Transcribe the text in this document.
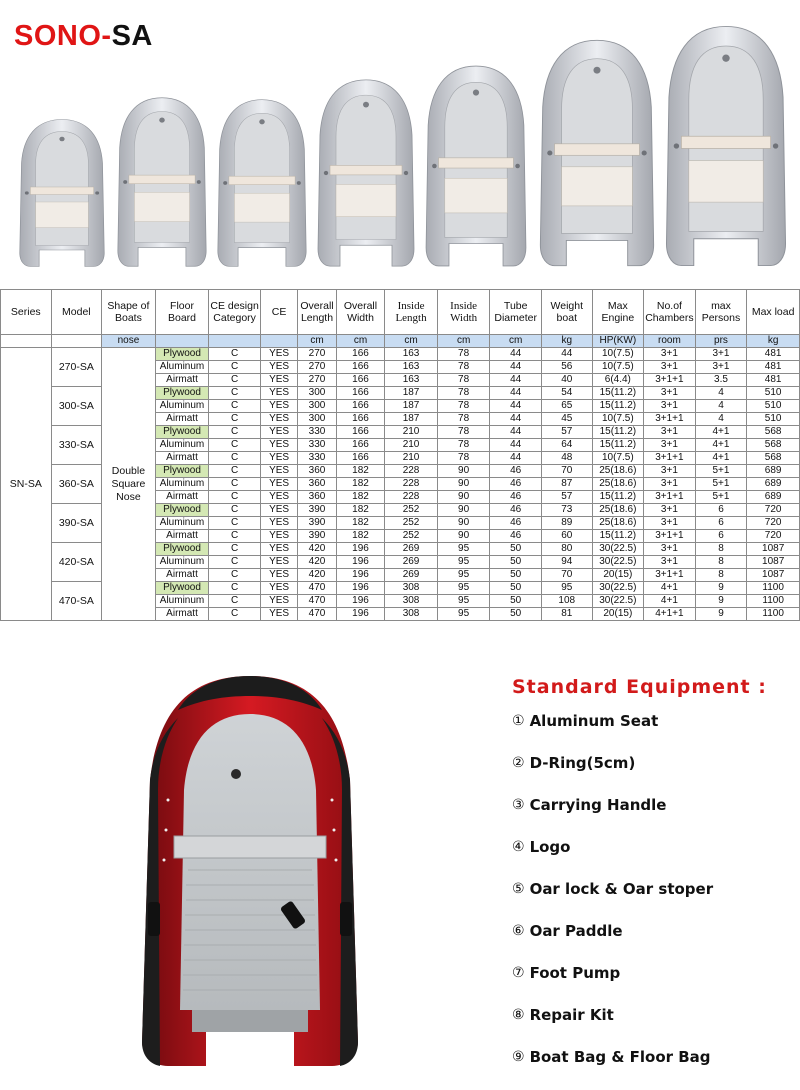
SONO-SA
Series	Model	Shape of Boats	Floor Board	CE design Category	CE	Overall Length	Overall Width	Inside Length	Inside Width	Tube Diameter	Weight boat	Max Engine	No.of Chambers	max Persons	Max load
		nose				cm	cm	cm	cm	cm	kg	HP(KW)	room	prs	kg
SN-SA	270-SA	Double Square Nose	Plywood	C	YES	270	166	163	78	44	44	10(7.5)	3+1	3+1	481
			Aluminum	C	YES	270	166	163	78	44	56	10(7.5)	3+1	3+1	481
			Airmatt	C	YES	270	166	163	78	44	40	6(4.4)	3+1+1	3.5	481
	300-SA		Plywood	C	YES	300	166	187	78	44	54	15(11.2)	3+1	4	510
			Aluminum	C	YES	300	166	187	78	44	65	15(11.2)	3+1	4	510
			Airmatt	C	YES	300	166	187	78	44	45	10(7.5)	3+1+1	4	510
	330-SA		Plywood	C	YES	330	166	210	78	44	57	15(11.2)	3+1	4+1	568
			Aluminum	C	YES	330	166	210	78	44	64	15(11.2)	3+1	4+1	568
			Airmatt	C	YES	330	166	210	78	44	48	10(7.5)	3+1+1	4+1	568
	360-SA		Plywood	C	YES	360	182	228	90	46	70	25(18.6)	3+1	5+1	689
			Aluminum	C	YES	360	182	228	90	46	87	25(18.6)	3+1	5+1	689
			Airmatt	C	YES	360	182	228	90	46	57	15(11.2)	3+1+1	5+1	689
	390-SA		Plywood	C	YES	390	182	252	90	46	73	25(18.6)	3+1	6	720
			Aluminum	C	YES	390	182	252	90	46	89	25(18.6)	3+1	6	720
			Airmatt	C	YES	390	182	252	90	46	60	15(11.2)	3+1+1	6	720
	420-SA		Plywood	C	YES	420	196	269	95	50	80	30(22.5)	3+1	8	1087
			Aluminum	C	YES	420	196	269	95	50	94	30(22.5)	3+1	8	1087
			Airmatt	C	YES	420	196	269	95	50	70	20(15)	3+1+1	8	1087
	470-SA		Plywood	C	YES	470	196	308	95	50	95	30(22.5)	4+1	9	1100
			Aluminum	C	YES	470	196	308	95	50	108	30(22.5)	4+1	9	1100
			Airmatt	C	YES	470	196	308	95	50	81	20(15)	4+1+1	9	1100
Standard Equipment :
① Aluminum Seat
② D-Ring(5cm)
③ Carrying Handle
④ Logo
⑤ Oar lock & Oar stoper
⑥ Oar Paddle
⑦ Foot Pump
⑧ Repair Kit
⑨ Boat Bag & Floor Bag
